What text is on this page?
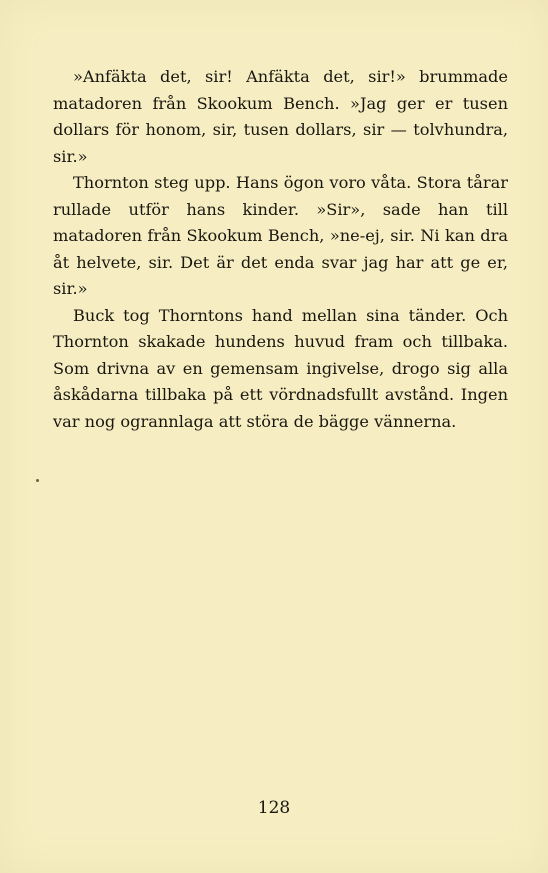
»Anfäkta det, sir! Anfäkta det, sir!» brummade matadoren från Skookum Bench. »Jag ger er tusen dollars för honom, sir, tusen dollars, sir — tolvhundra, sir.»

Thornton steg upp. Hans ögon voro våta. Stora tårar rullade utför hans kinder. »Sir», sade han till matadoren från Skookum Bench, »ne-ej, sir. Ni kan dra åt helvete, sir. Det är det enda svar jag har att ge er, sir.»

Buck tog Thorntons hand mellan sina tänder. Och Thornton skakade hundens huvud fram och tillbaka. Som drivna av en gemensam ingivelse, drogo sig alla åskådarna tillbaka på ett vördnadsfullt avstånd. Ingen var nog ogrannlaga att störa de bägge vännerna.

128
